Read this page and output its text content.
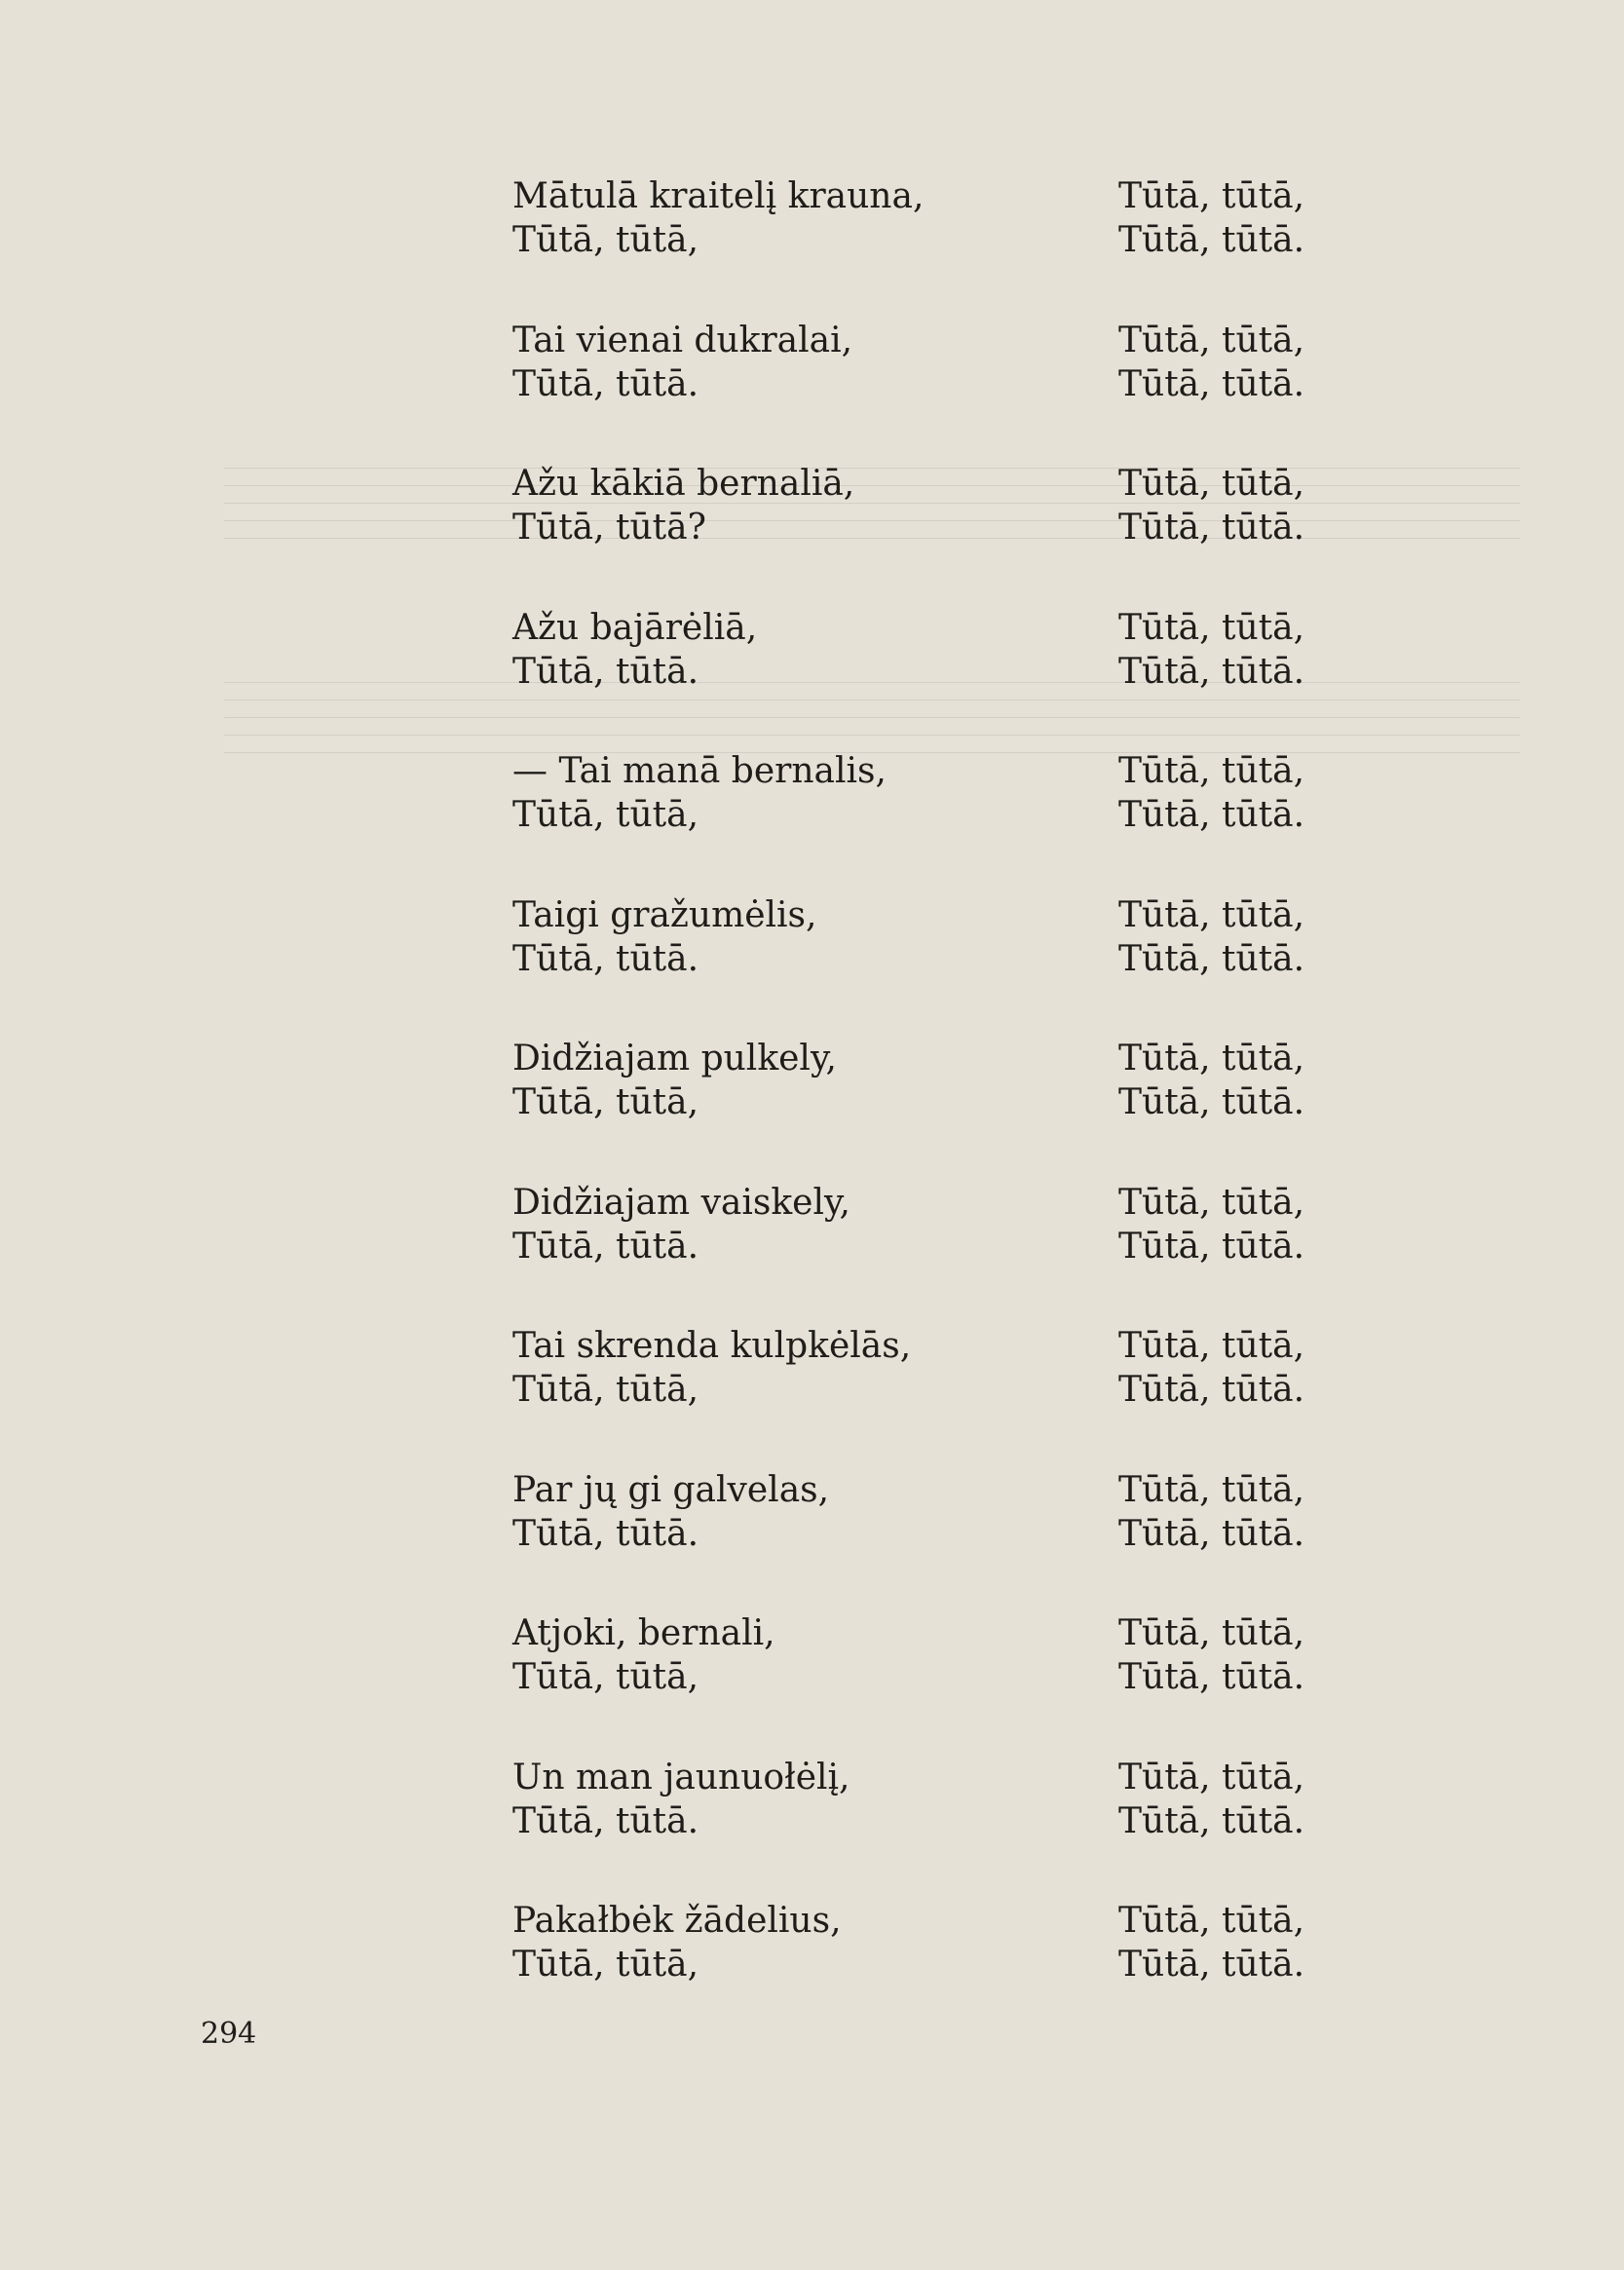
Mātulā kraitelį krauna,
Tūtā, tūtā,
Tūtā, tūtā,
Tūtā, tūtā.
Tai vienai dukralai,
Tūtā, tūtā.
Tūtā, tūtā,
Tūtā, tūtā.
Ažu kākiā bernaliā,
Tūtā, tūtā?
Tūtā, tūtā,
Tūtā, tūtā.
Ažu bajārėliā,
Tūtā, tūtā.
Tūtā, tūtā,
Tūtā, tūtā.
— Tai manā bernalis,
Tūtā, tūtā,
Tūtā, tūtā,
Tūtā, tūtā.
Taigi gražumėlis,
Tūtā, tūtā.
Tūtā, tūtā,
Tūtā, tūtā.
Didžiajam pulkely,
Tūtā, tūtā,
Tūtā, tūtā,
Tūtā, tūtā.
Didžiajam vaiskely,
Tūtā, tūtā.
Tūtā, tūtā,
Tūtā, tūtā.
Tai skrenda kulpkėlās,
Tūtā, tūtā,
Tūtā, tūtā,
Tūtā, tūtā.
Par jų gi galvelas,
Tūtā, tūtā.
Tūtā, tūtā,
Tūtā, tūtā.
Atjoki, bernali,
Tūtā, tūtā,
Tūtā, tūtā,
Tūtā, tūtā.
Un man jaunuołėlį,
Tūtā, tūtā.
Tūtā, tūtā,
Tūtā, tūtā.
Pakałbėk žādelius,
Tūtā, tūtā,
Tūtā, tūtā,
Tūtā, tūtā.
294
